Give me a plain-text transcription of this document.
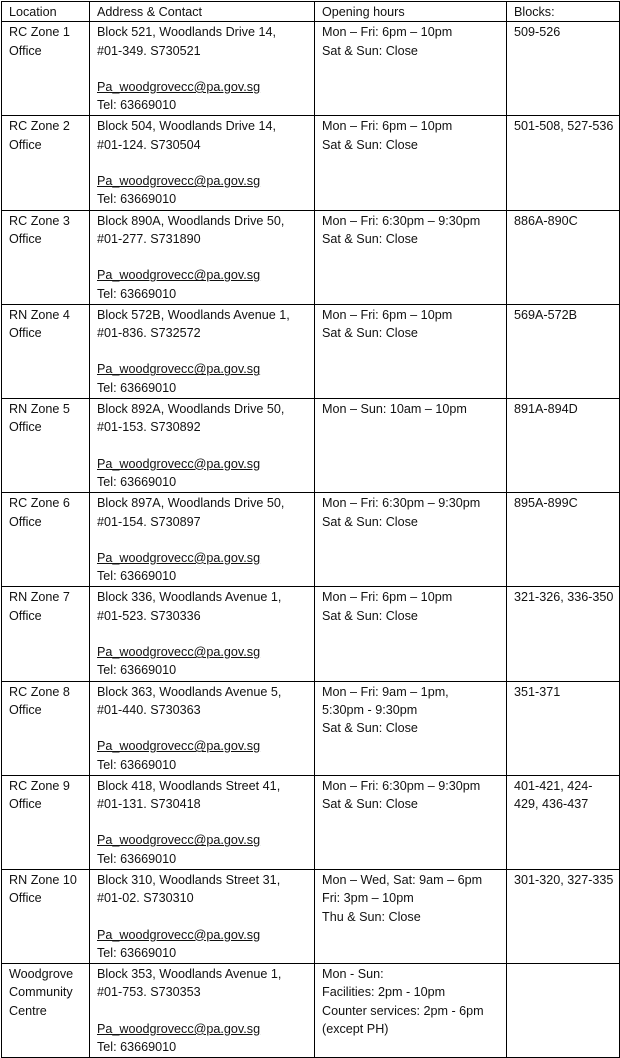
Location	Address & Contact	Opening hours	Blocks:

RC Zone 1 Office	Block 521, Woodlands Drive 14,
#01-349. S730521
Pa_woodgrovecc@pa.gov.sg
Tel: 63669010	Mon – Fri: 6pm – 10pm
Sat & Sun: Close	509-526

RC Zone 2 Office	Block 504, Woodlands Drive 14,
#01-124. S730504
Pa_woodgrovecc@pa.gov.sg
Tel: 63669010	Mon – Fri: 6pm – 10pm
Sat & Sun: Close	501-508, 527-536

RC Zone 3 Office	Block 890A, Woodlands Drive 50,
#01-277. S731890
Pa_woodgrovecc@pa.gov.sg
Tel: 63669010	Mon – Fri: 6:30pm – 9:30pm
Sat & Sun: Close	886A-890C

RN Zone 4 Office	Block 572B, Woodlands Avenue 1,
#01-836. S732572
Pa_woodgrovecc@pa.gov.sg
Tel: 63669010	Mon – Fri: 6pm – 10pm
Sat & Sun: Close	569A-572B

RN Zone 5 Office	Block 892A, Woodlands Drive 50,
#01-153. S730892
Pa_woodgrovecc@pa.gov.sg
Tel: 63669010	Mon – Sun: 10am – 10pm	891A-894D

RC Zone 6 Office	Block 897A, Woodlands Drive 50,
#01-154. S730897
Pa_woodgrovecc@pa.gov.sg
Tel: 63669010	Mon – Fri: 6:30pm – 9:30pm
Sat & Sun: Close	895A-899C

RN Zone 7 Office	Block 336, Woodlands Avenue 1,
#01-523. S730336
Pa_woodgrovecc@pa.gov.sg
Tel: 63669010	Mon – Fri: 6pm – 10pm
Sat & Sun: Close	321-326, 336-350

RC Zone 8 Office	Block 363, Woodlands Avenue 5,
#01-440. S730363
Pa_woodgrovecc@pa.gov.sg
Tel: 63669010	Mon – Fri: 9am – 1pm,
5:30pm - 9:30pm
Sat & Sun: Close	351-371

RC Zone 9 Office	Block 418, Woodlands Street 41,
#01-131. S730418
Pa_woodgrovecc@pa.gov.sg
Tel: 63669010	Mon – Fri: 6:30pm – 9:30pm
Sat & Sun: Close	401-421, 424-429, 436-437

RN Zone 10 Office	Block 310, Woodlands Street 31,
#01-02. S730310
Pa_woodgrovecc@pa.gov.sg
Tel: 63669010	Mon – Wed, Sat: 9am – 6pm
Fri: 3pm – 10pm
Thu & Sun: Close	301-320, 327-335

Woodgrove Community Centre	Block 353, Woodlands Avenue 1,
#01-753. S730353
Pa_woodgrovecc@pa.gov.sg
Tel: 63669010	Mon - Sun:
Facilities: 2pm - 10pm
Counter services: 2pm - 6pm
(except PH)	
